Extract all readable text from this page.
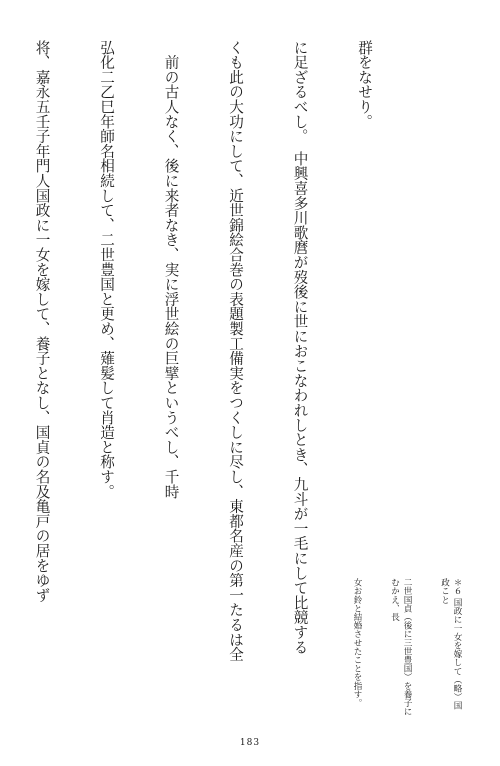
群をなせり。

に足ざるべし。　中興喜多川歌麿が歿後に世におこなわれしとき、九斗が一毛にして比競する

くも此の大功にして、近世錦絵合巻の表題製工備実をつくしに尽し、東都名産の第一たるは全

　前の古人なく、後に来者なき、実に浮世絵の巨擘というべし、千時

弘化二乙巳年師名相続して、二世豊国と更め、薙髪して肖造と称す。

将、嘉永五壬子年門人国政に一女を嫁して、養子となし、国貞の名及亀戸の居をゆず

＊６ 国政に一女を嫁して（略）国政こと

二世国貞（後に三世豊国）を養子にむかえ、長

女お鈴と結婚させたことを指す。

183
